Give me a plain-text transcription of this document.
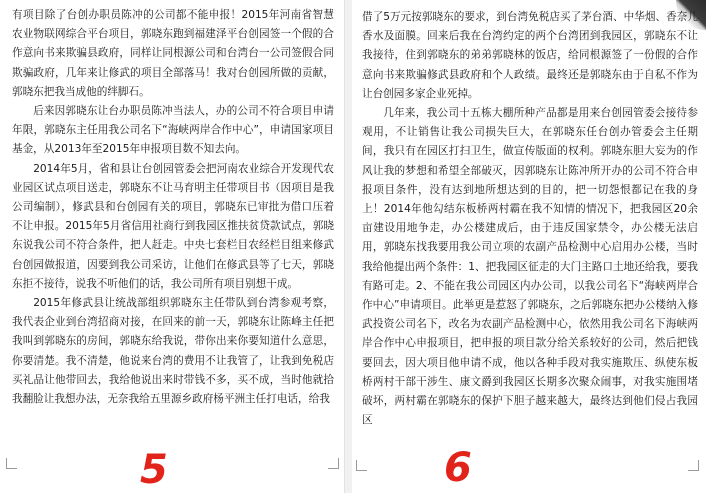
有项目除了台创办职员陈冲的公司都不能申报！2015年河南省智慧农业物联网综合平台项目，郭晓东跑到福建泽平台创园签一个假的合作意向书来欺骗县政府，同样让同根源公司和台湾台一公司签假合同欺骗政府，几年来让修武的项目全部落马！我对台创园所做的贡献，郭晓东把我当成他的绊脚石。

后来因郭晓东让台办职员陈冲当法人，办的公司不符合项目申请年限，郭晓东主任用我公司名下“海峡两岸合作中心”，申请国家项目基金，从2013年至2015年申报项目数不知去向。

2014年5月，省和县让台创园管委会把河南农业综合开发现代农业园区试点项目送走，郭晓东不让马育明主任带项目书（因项目是我公司编制），修武县和台创园有关的项目，郭晓东已审批为借口压着不让申报。2015年5月省信用社商行到我园区推扶贫贷款试点，郭晓东说我公司不符合条件，把人赶走。中央七套栏目农经栏目组来修武台创园做报道，因要到我公司采访，让他们在修武县等了七天，郭晓东拒不接待，说我不听他们的话，我公司所有项目别想干成。

2015年修武县让统战部组织郭晓东主任带队到台湾参观考察，我代表企业到台湾招商对接，在回来的前一天，郭晓东让陈峰主任把我叫到郭晓东的房间，郭晓东给我说，带你出来你要知道什么意思，你要清楚。我不清楚，他说来台湾的费用不让我管了，让我到免税店买礼品让他带回去，我给他说出来时带钱不多，买不成，当时他就拾我翻脸让我想办法，无奈我给五里源乡政府杨平洲主任打电话，给我

5

借了5万元按郭晓东的要求，到台湾免税店买了茅台酒、中华烟、香奈儿香水及面膜。回来后我在台湾约定的两个台湾团到我园区，郭晓东不让我接待，住到郭晓东的弟弟郭晓林的饭店，给同根源签了一份假的合作意向书来欺骗修武县政府和个人政绩。最终还是郭晓东由于自私不作为让台创园多家企业死掉。

几年来，我公司十五栋大棚所种产品都是用来台创园管委会接待参观用，不让销售让我公司损失巨大，在郭晓东任台创办管委会主任期间，我只有在园区打扫卫生，做宣传版面的权利。郭晓东胆大妄为的作风让我的梦想和希望全部破灭，因郭晓东让陈冲所开办的公司不符合申报项目条件，没有达到地所想达到的目的，把一切怨恨都记在我的身上！2014年他勾结东板桥两村霸在我不知情的情况下，把我园区20余亩建设用地争走，办公楼建成后，由于违反国家禁令，办公楼无法启用，郭晓东找我要用我公司立项的农副产品检测中心启用办公楼，当时我给他提出两个条件：1、把我园区征走的大门主路口土地还给我，要我有路可走。2、不能在我公司园区内办公司，以我公司名下“海峡两岸合作中心”申请项目。此举更是惹怒了郭晓东，之后郭晓东把办公楼纳入修武投资公司名下，改名为农副产品检测中心，依然用我公司名下海峡两岸合作中心申报项目，把申报的项目款分给关系较好的公司，然后把钱要回去，因大项目他申请不成，他以各种手段对我实施欺压、纵使东板桥两村干部干涉生、康文爵到我园区长期多次聚众闹事，对我实施围堵破坏，两村霸在郭晓东的保护下胆子越来越大，最终达到他们侵占我园区

6
